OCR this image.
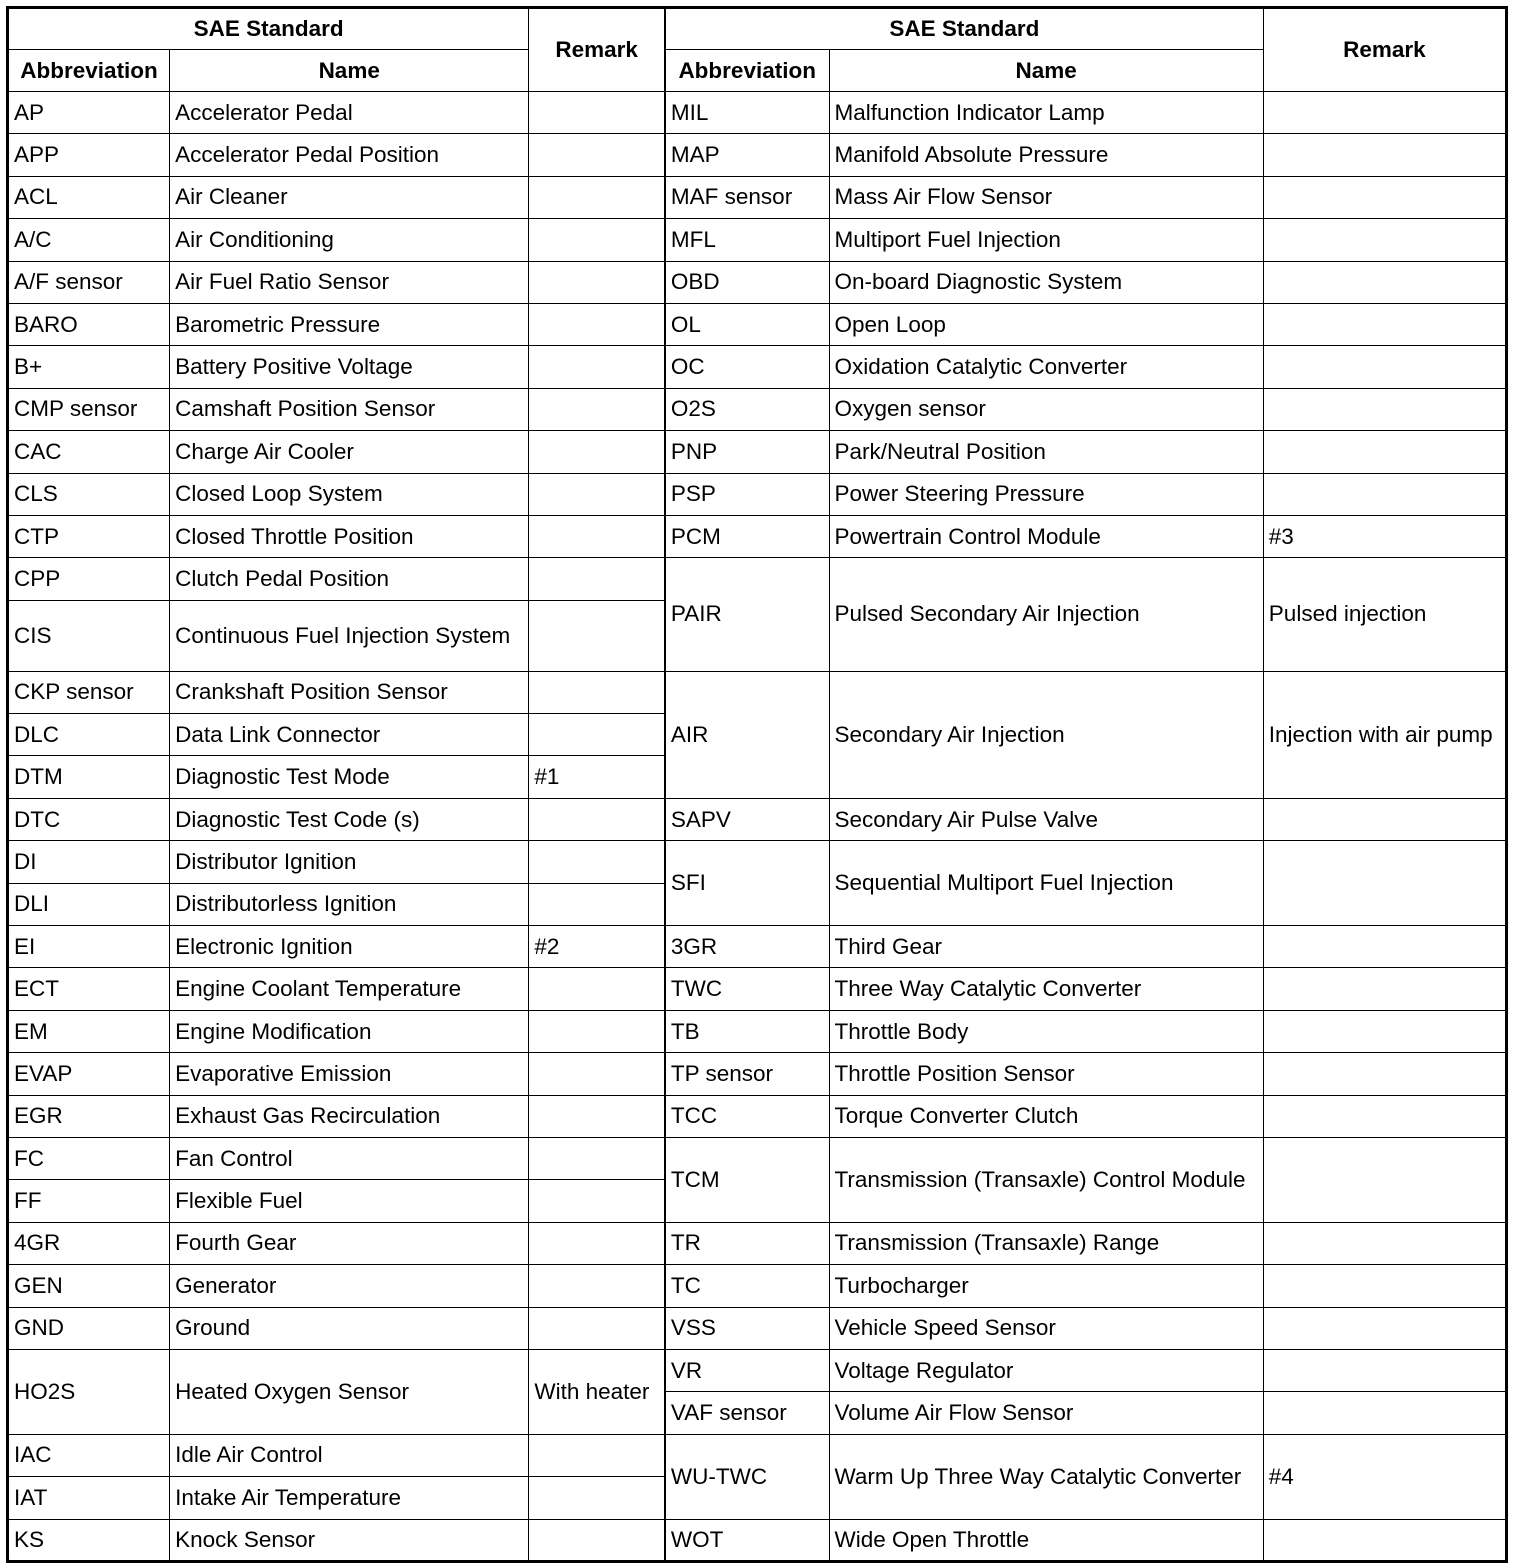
SAE Standard		Remark	SAE Standard		Remark
Abbreviation	Name		Abbreviation	Name	
AP	Accelerator Pedal		MIL	Malfunction Indicator Lamp	
APP	Accelerator Pedal Position		MAP	Manifold Absolute Pressure	
ACL	Air Cleaner		MAF sensor	Mass Air Flow Sensor	
A/C	Air Conditioning		MFL	Multiport Fuel Injection	
A/F sensor	Air Fuel Ratio Sensor		OBD	On-board Diagnostic System	
BARO	Barometric Pressure		OL	Open Loop	
B+	Battery Positive Voltage		OC	Oxidation Catalytic Converter	
CMP sensor	Camshaft Position Sensor		O2S	Oxygen sensor	
CAC	Charge Air Cooler		PNP	Park/Neutral Position	
CLS	Closed Loop System		PSP	Power Steering Pressure	
CTP	Closed Throttle Position		PCM	Powertrain Control Module	#3
CPP	Clutch Pedal Position		PAIR	Pulsed Secondary Air Injection	Pulsed injection
CIS	Continuous Fuel Injection System				
CKP sensor	Crankshaft Position Sensor		AIR	Secondary Air Injection	Injection with air pump
DLC	Data Link Connector				
DTM	Diagnostic Test Mode	#1			
DTC	Diagnostic Test Code (s)		SAPV	Secondary Air Pulse Valve	
DI	Distributor Ignition		SFI	Sequential Multiport Fuel Injection	
DLI	Distributorless Ignition				
EI	Electronic Ignition	#2	3GR	Third Gear	
ECT	Engine Coolant Temperature		TWC	Three Way Catalytic Converter	
EM	Engine Modification		TB	Throttle Body	
EVAP	Evaporative Emission		TP sensor	Throttle Position Sensor	
EGR	Exhaust Gas Recirculation		TCC	Torque Converter Clutch	
FC	Fan Control		TCM	Transmission (Transaxle) Control Module	
FF	Flexible Fuel				
4GR	Fourth Gear		TR	Transmission (Transaxle) Range	
GEN	Generator		TC	Turbocharger	
GND	Ground		VSS	Vehicle Speed Sensor	
HO2S	Heated Oxygen Sensor	With heater	VR	Voltage Regulator	
			VAF sensor	Volume Air Flow Sensor	
IAC	Idle Air Control		WU-TWC	Warm Up Three Way Catalytic Converter	#4
IAT	Intake Air Temperature				
KS	Knock Sensor		WOT	Wide Open Throttle	
